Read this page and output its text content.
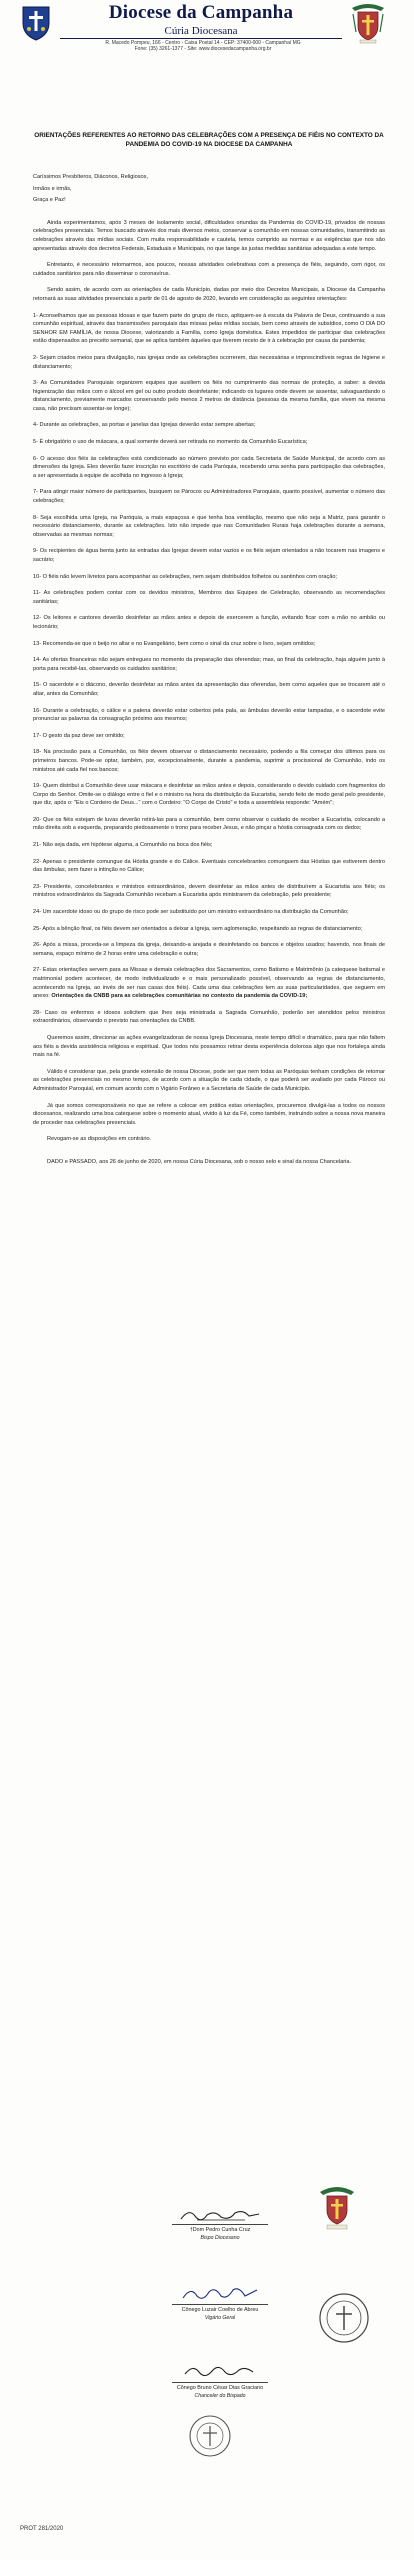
Diocese da Campanha
Cúria Diocesana
R. Macedo Pompeu, 166 - Centro - Caixa Postal 14 - CEP: 37400-000 - Campanha/ MG
Fone: (35) 3261-1377 - Site: www.diocesedacampanha.org.br
ORIENTAÇÕES REFERENTES AO RETORNO DAS CELEBRAÇÕES COM A PRESENÇA DE FIÉIS NO CONTEXTO DA PANDEMIA DO COVID-19 NA DIOCESE DA CAMPANHA

Caríssimos Presbíteros, Diáconos, Religiosos,

Irmãos e irmãs,

Graça e Paz!

Ainda experimentamos, após 3 meses de isolamento social, dificuldades oriundas da Pandemia do COVID-19, privados de nossas celebrações presenciais. Temos buscado através dos mais diversos meios, conservar a comunhão em nossas comunidades, transmitindo as celebrações através das mídias sociais. Com muita responsabilidade e cautela, temos cumprido as normas e as exigências que nos são apresentadas através dos decretos Federais, Estaduais e Municipais, no que tange às justas medidas sanitárias adequadas a este tempo.

Entretanto, é necessário retomarmos, aos poucos, nossas atividades celebrativas com a presença de fiéis, seguindo, com rigor, os cuidados sanitários para não disseminar o coronavírus.

Sendo assim, de acordo com as orientações de cada Município, dadas por meio dos Decretos Municipais, a Diocese da Campanha retornará as suas atividades presenciais a partir de 01 de agosto de 2020, levando em consideração as seguintes orientações:

1- Aconselhamos que as pessoas idosas e que fazem parte do grupo de risco, apliquem-se à escuta da Palavra de Deus, continuando a sua comunhão espiritual, através das transmissões paroquiais das missas pelas mídias sociais, bem como através de subsídios, como O DIA DO SENHOR EM FAMÍLIA, de nossa Diocese, valorizando a Família, como Igreja doméstica. Estes impedidos de participar das celebrações estão dispensados ao preceito semanal, que se aplica também àqueles que tiverem receio de ir à celebração por causa da pandemia;

2- Sejam criados meios para divulgação, nas igrejas onde as celebrações ocorrerem, das necessárias e imprescindíveis regras de higiene e distanciamento;

3- As Comunidades Paroquiais organizem equipes que auxiliem os fiéis no cumprimento das normas de proteção, a saber: a devida higienização das mãos com o álcool em gel ou outro produto desinfetante; indicando os lugares onde devem se assentar, salvaguardando o distanciamento, previamente marcados conservando pelo menos 2 metros de distância (pessoas da mesma família, que vivem na mesma casa, não precisam assentar-se longe);

4- Durante as celebrações, as portas e janelas das Igrejas deverão estar sempre abertas;

5- É obrigatório o uso de máscara, a qual somente deverá ser retirada no momento da Comunhão Eucarística;

6- O acesso dos fiéis às celebrações está condicionado ao número previsto por cada Secretaria de Saúde Municipal, de acordo com as dimensões da Igreja. Eles deverão fazer inscrição no escritório de cada Paróquia, recebendo uma senha para participação das celebrações, a ser apresentada à equipe de acolhida no ingresso à Igreja;

7- Para atingir maior número de participantes, busquem os Párocos ou Administradores Paroquiais, quanto possível, aumentar o número das celebrações;

8- Seja escolhida uma Igreja, na Paróquia, a mais espaçosa e que tenha boa ventilação, mesmo que não seja a Matriz, para garantir o necessário distanciamento, durante as celebrações. Isto não impede que nas Comunidades Rurais haja celebrações durante a semana, observadas as mesmas normas;

9- Os recipientes de água benta junto às entradas das Igrejas devem estar vazios e os fiéis sejam orientados a não tocarem nas imagens e sacrário;

10- O fiéis não levem livretos para acompanhar as celebrações, nem sejam distribuídos folhetos ou santinhos com oração;

11- As celebrações podem contar com os devidos ministros, Membros das Equipes de Celebração, observando as recomendações sanitárias;

12- Os leitores e cantores deverão desinfetar as mãos antes e depois de exercerem a função, evitando ficar com a mão no ambão ou lecionário;

13- Recomenda-se que o beijo no altar e no Evangeliário, bem como o sinal da cruz sobre o livro, sejam omitidos;

14- As ofertas financeiras não sejam entregues no momento da preparação das oferendas; mas, ao final da celebração, haja alguém junto à porta para recebê-las, observando os cuidados sanitários;

15- O sacerdote e o diácono, deverão desinfetar as mãos antes da apresentação das oferendas, bem como aqueles que se trocarem até o altar, antes da Comunhão;

16- Durante a celebração, o cálice e a patena deverão estar cobertos pela pala, as âmbulas deverão estar tampadas, e o sacerdote evite pronunciar as palavras da consagração próximo aos mesmos;

17- O gesto da paz deve ser omitido;

18- Na procissão para a Comunhão, os fiéis devem observar o distanciamento necessário, podendo a fila começar dos últimos para os primeiros bancos. Pode-se optar, também, por, excepcionalmente, durante a pandemia, suprimir a procissional de Comunhão, indo os ministros até cada fiel nos bancos;

19- Quem distribui a Comunhão deve usar máscara e desinfetar as mãos antes e depois, considerando o devido cuidado com fragmentos do Corpo do Senhor. Omite-se o diálogo entre o fiel e o ministro na hora da distribuição da Eucaristia, sendo feito de modo geral pelo presidente, que diz, após o: "Eis o Cordeiro de Deus..." com o Cordeiro: "O Corpo de Cristo" e toda a assembleia responde: "Amém";

20- Que os fiéis estejam de luvas deverão retirá-las para a comunhão, bem como observar o cuidado de receber a Eucaristia, colocando a mão direita sob a esquerda, preparando piedosamente o trono para receber Jesus, e não pinçar a hóstia consagrada com os dedos;

21- Não seja dada, em hipótese alguma, a Comunhão na boca dos fiéis;

22- Apenas o presidente comungue da Hóstia grande e do Cálice. Eventuais concelebrantes comunguem das Hóstias que estiverem dentro das âmbulas, sem fazer a intinção no Cálice;

23- Presidente, concelebrantes e ministros extraordinários, devem desinfetar as mãos antes de distribuírem a Eucaristia aos fiéis; os ministros extraordinários da Sagrada Comunhão recebam a Eucaristia após ministrarem da celebração, pelo presidente;

24- Um sacerdote idoso ou do grupo de risco pode ser substituído por um ministro extraordinário na distribuição da Comunhão;

25- Após a bênção final, os fiéis devem ser orientados a deixar a Igreja, sem aglomeração, respeitando as regras de distanciamento;

26- Após a missa, proceda-se a limpeza da igreja, deixando-a arejada e desinfetando os bancos e objetos usados; havendo, nos finais de semana, espaço mínimo de 2 horas entre uma celebração e outra;

27- Estas orientações servem para as Missas e demais celebrações dos Sacramentos, como Batismo e Matrimônio (a catequese batismal e matrimonial podem acontecer, de modo individualizado e o mais personalizado possível, observando as regras de distanciamento, acontecendo na Igreja, ao invés de ser nas casas dos fiéis). Cada uma das celebrações tem as suas particularidades, que seguem em anexo: Orientações da CNBB para as celebrações comunitárias no contexto da pandemia da COVID-19;

28- Caso os enfermos e idosos solicitem que lhes seja ministrada a Sagrada Comunhão, poderão ser atendidos pelos ministros extraordinários, observando o previsto nas orientações da CNBB.

Queremos assim, direcionar as ações evangelizadoras de nossa Igreja Diocesana, neste tempo difícil e dramático, para que não faltem aos fiéis a devida assistência religiosa e espiritual. Que todos nós possamos retirar desta experiência dolorosa algo que nos fortaleça ainda mais na fé.

Válido é considerar que, pela grande extensão de nossa Diocese, pode ser que nem todas as Paróquias tenham condições de retomar as celebrações presenciais no mesmo tempo, de acordo com a situação de cada cidade, o que poderá ser avaliado por cada Pároco ou Administrador Paroquial, em comum acordo com o Vigário Forâneo e a Secretaria de Saúde de cada Município.

Já que somos corresponsáveis no que se refere a colocar em prática estas orientações, procuremos divulgá-las a todos os nossos diocesanos, realizando uma boa catequese sobre o momento atual, vivido à luz da Fé, como também, instruindo sobre a nossa nova maneira de proceder nas celebrações presenciais.

Revogam-se as disposições em contrário.

DADO e PASSADO, aos 26 de junho de 2020, em nossa Cúria Diocesana, sob o nosso selo e sinal da nossa Chancelaria.

†Dom Pedro Cunha Cruz
Bispo Diocesano
Cônego Luzair Coelho de Abreu
Vigário Geral
Cônego Bruno César Dias Graciano
Chanceler do Bispado
PROT 281/2020
